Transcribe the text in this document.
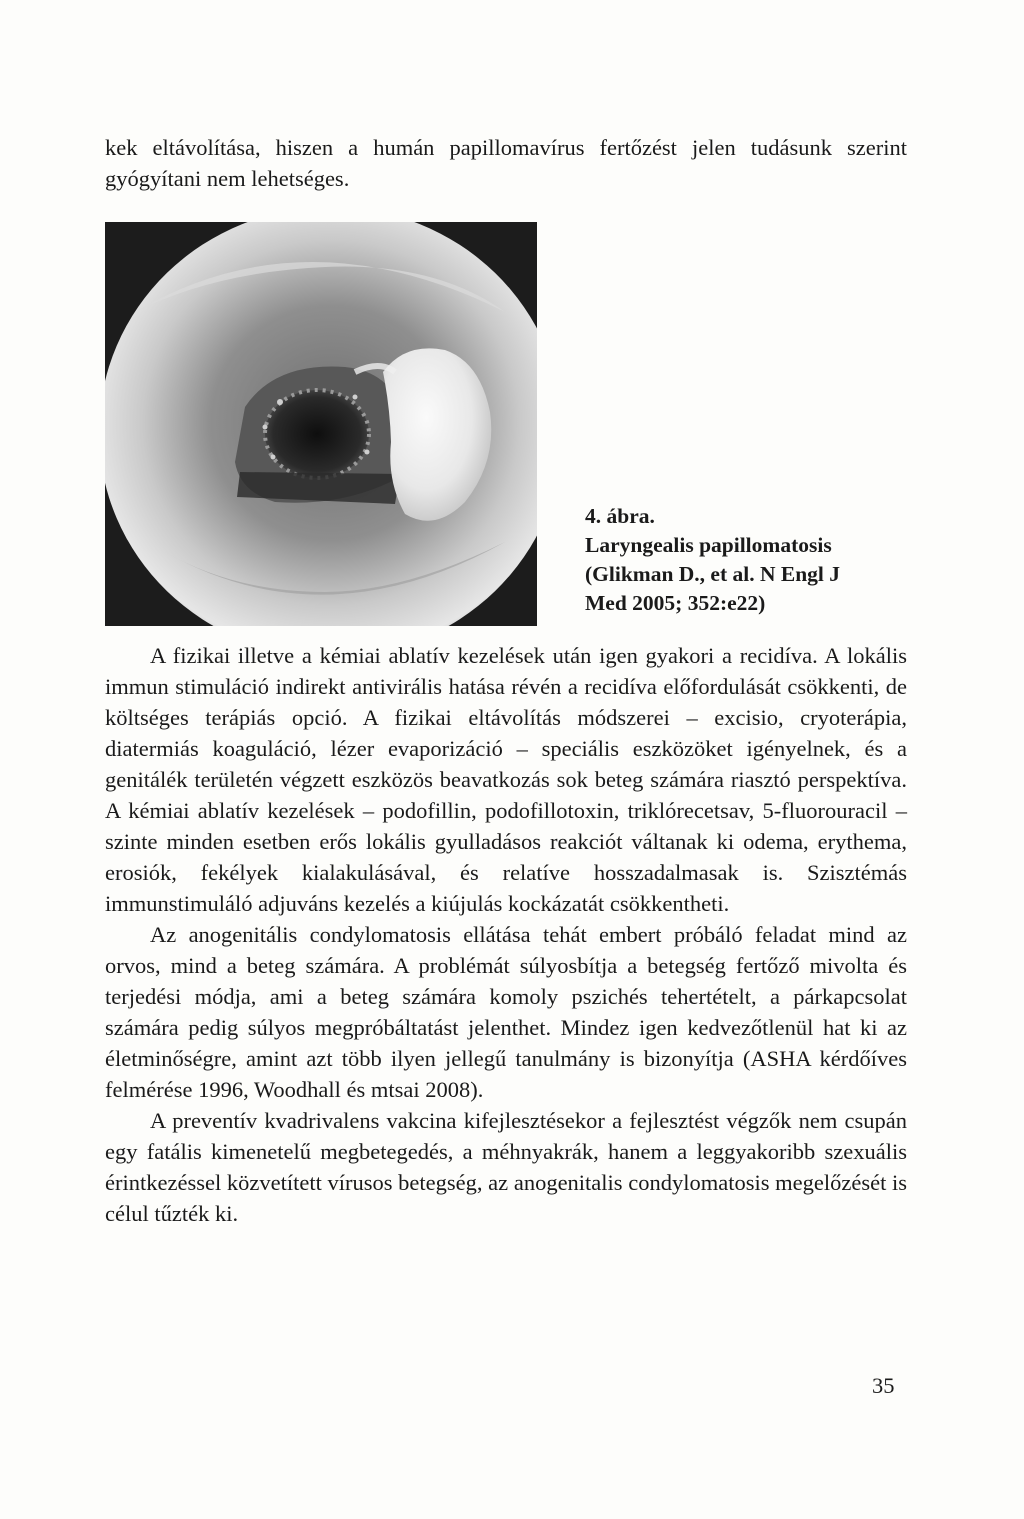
kek eltávolítása, hiszen a humán papillomavírus fertőzést jelen tudásunk szerint gyógyítani nem lehetséges.

4. ábra.
Laryngealis papillomatosis
(Glikman D., et al. N Engl J
Med 2005; 352:e22)

A fizikai illetve a kémiai ablatív kezelések után igen gyakori a recidíva. A lokális immun stimuláció indirekt antivirális hatása révén a recidíva előfordulását csökkenti, de költséges terápiás opció. A fizikai eltávolítás módszerei – excisio, cryoterápia, diatermiás koaguláció, lézer evaporizáció – speciális eszközöket igényelnek, és a genitálék területén végzett eszközös beavatkozás sok beteg számára riasztó perspektíva. A kémiai ablatív kezelések – podofillin, podofillotoxin, triklórecetsav, 5-fluorouracil – szinte minden esetben erős lokális gyulladásos reakciót váltanak ki odema, erythema, erosiók, fekélyek kialakulásával, és relatíve hosszadalmasak is. Szisztémás immunstimuláló adjuváns kezelés a kiújulás kockázatát csökkentheti.

Az anogenitális condylomatosis ellátása tehát embert próbáló feladat mind az orvos, mind a beteg számára. A problémát súlyosbítja a betegség fertőző mivolta és terjedési módja, ami a beteg számára komoly pszichés tehertételt, a párkapcsolat számára pedig súlyos megpróbáltatást jelenthet. Mindez igen kedvezőtlenül hat ki az életminőségre, amint azt több ilyen jellegű tanulmány is bizonyítja (ASHA kérdőíves felmérése 1996, Woodhall és mtsai 2008).

A preventív kvadrivalens vakcina kifejlesztésekor a fejlesztést végzők nem csupán egy fatális kimenetelű megbetegedés, a méhnyakrák, hanem a leggyakoribb szexuális érintkezéssel közvetített vírusos betegség, az anogenitalis condylomatosis megelőzését is célul tűzték ki.

35
